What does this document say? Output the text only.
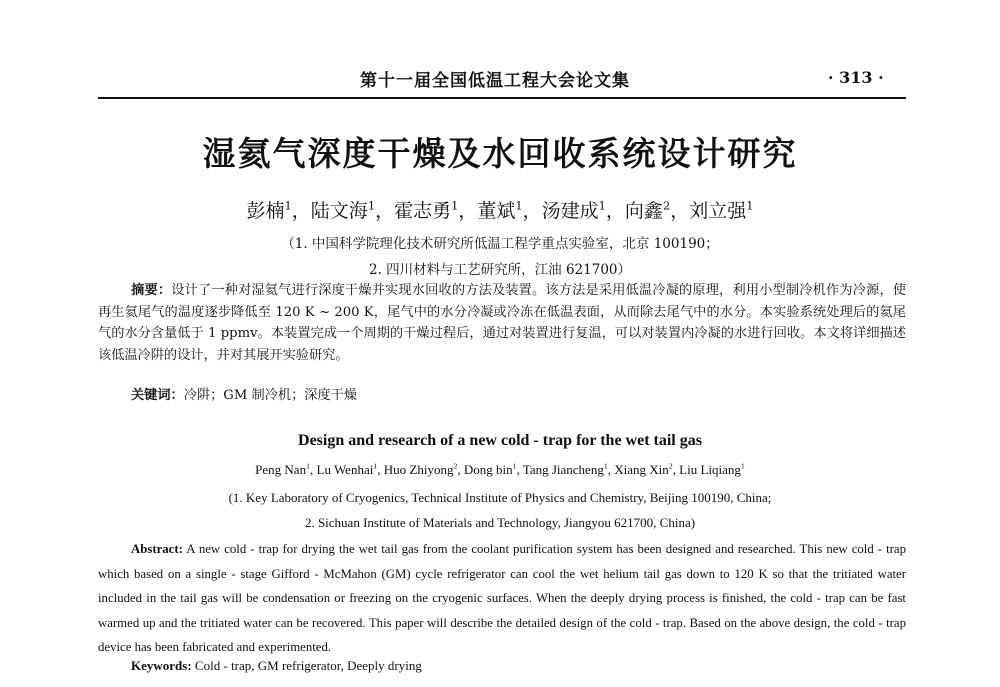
第十一届全国低温工程大会论文集	· 313 ·
湿氦气深度干燥及水回收系统设计研究
彭楠$^1$，陆文海$^1$，霍志勇$^1$，董斌$^1$，汤建成$^1$，向鑫$^2$，刘立强$^1$
（1. 中国科学院理化技术研究所低温工程学重点实验室，北京 100190；
2. 四川材料与工艺研究所，江油 621700）
摘要：设计了一种对湿氦气进行深度干燥并实现水回收的方法及装置。该方法是采用低温冷凝的原理，利用小型制冷机作为冷源，使再生氦尾气的温度逐步降低至 120 K ~ 200 K，尾气中的水分冷凝或冷冻在低温表面，从而除去尾气中的水分。本实验系统处理后的氦尾气的水分含量低于 1 ppmv。本装置完成一个周期的干燥过程后，通过对装置进行复温，可以对装置内冷凝的水进行回收。本文将详细描述该低温冷阱的设计，并对其展开实验研究。
关键词：冷阱；GM 制冷机；深度干燥
Design and research of a new cold - trap for the wet tail gas
Peng Nan$^1$, Lu Wenhai$^1$, Huo Zhiyong$^2$, Dong bin$^1$, Tang Jiancheng$^1$, Xiang Xin$^2$, Liu Liqiang$^1$
(1. Key Laboratory of Cryogenics, Technical Institute of Physics and Chemistry, Beijing 100190, China;
2. Sichuan Institute of Materials and Technology, Jiangyou 621700, China)
Abstract: A new cold - trap for drying the wet tail gas from the coolant purification system has been designed and researched. This new cold - trap which based on a single - stage Gifford - McMahon (GM) cycle refrigerator can cool the wet helium tail gas down to 120 K so that the tritiated water included in the tail gas will be condensation or freezing on the cryogenic surfaces. When the deeply drying process is finished, the cold - trap can be fast warmed up and the tritiated water can be recovered. This paper will describe the detailed design of the cold - trap. Based on the above design, the cold - trap device has been fabricated and experimented.
Keywords: Cold - trap, GM refrigerator, Deeply drying
